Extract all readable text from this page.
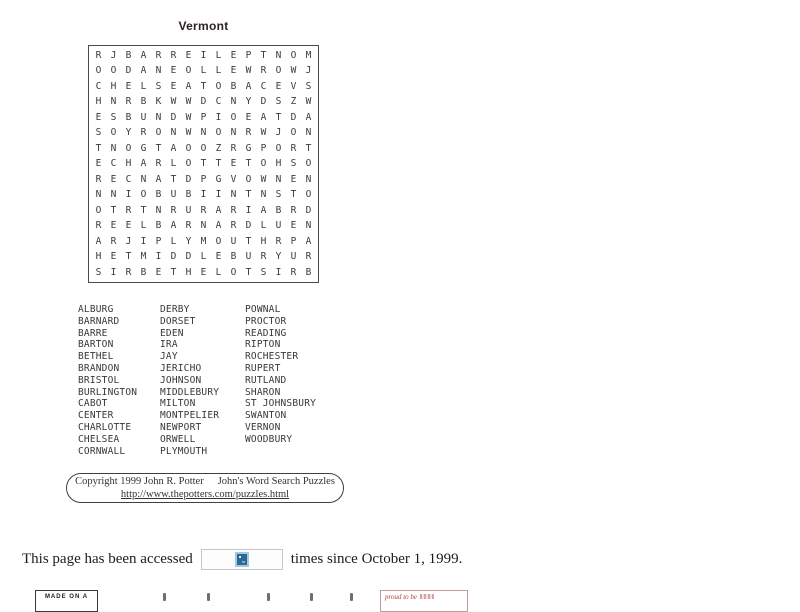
Vermont
R J B A R R E I L E P T N O M
O O D A N E O L L E W R O W J
C H E L S E A T O B A C E V S
H N R B K W W D C N Y D S Z W
E S B U N D W P I O E A T D A
S O Y R O N W N O N R W J O N
T N O G T A O O Z R G P O R T
E C H A R L O T T E T O H S O
R E C N A T D P G V O W N E N
N N I O B U B I I N T N S T O
O T R T N R U R A R I A B R D
R E E L B A R N A R D L U E N
A R J I P L Y M O U T H R P A
H E T M I D D L E B U R Y U R
S I R B E T H E L O T S I R B
ALBURG
BARNARD
BARRE
BARTON
BETHEL
BRANDON
BRISTOL
BURLINGTON
CABOT
CENTER
CHARLOTTE
CHELSEA
CORNWALL
DERBY
DORSET
EDEN
IRA
JAY
JERICHO
JOHNSON
MIDDLEBURY
MILTON
MONTPELIER
NEWPORT
ORWELL
PLYMOUTH
POWNAL
PROCTOR
READING
RIPTON
ROCHESTER
RUPERT
RUTLAND
SHARON
ST JOHNSBURY
SWANTON
VERNON
WOODBURY
Copyright 1999 John R. Potter John's Word Search Puzzles
http://www.thepotters.com/puzzles.html
This page has been accessed	times since October 1, 1999.
MADE ON A	proud to be
